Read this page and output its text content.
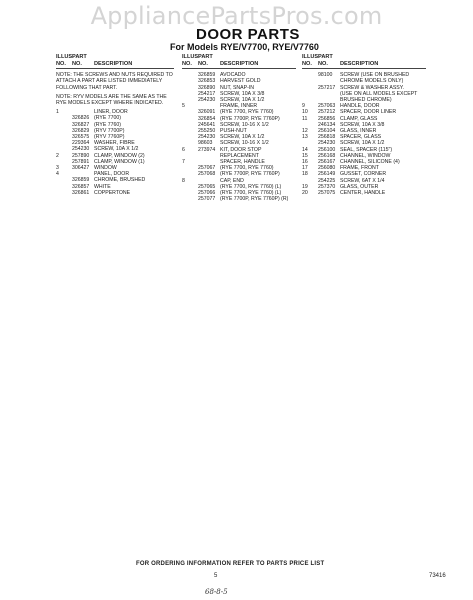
AppliancePartsPros.com
DOOR PARTS
For Models RYE/V7700, RYE/V7760
ILLUS.
PART
NO.	NO.	DESCRIPTION
NOTE: THE SCREWS AND NUTS REQUIRED TO ATTACH A PART ARE LISTED IMMEDIATELY FOLLOWING THAT PART.
NOTE: RYV MODELS ARE THE SAME AS THE RYE MODELS EXCEPT WHERE INDICATED.
1	LINER, DOOR
326826 (RYE 7700)
326827 (RYE 7760)
326829 (RYV 7700P)
326575 (RYV 7760P)
229364 WASHER, FIBRE
254230 SCREW, 10A X 1/2
2	257890 CLAMP, WINDOW (2)
257891 CLAMP, WINDOW (1)
3	306427 WINDOW
4	PANEL, DOOR
326859 CHROME, BRUSHED
326857 WHITE
326861 COPPERTONE
ILLUS.
PART
NO.	NO.	DESCRIPTION
326859 AVOCADO
326853 HARVEST GOLD
326890 NUT, SNAP-IN
254217 SCREW, 10A X 3/8
254230 SCREW, 10A X 1/2
5	FRAME, INNER
326091 (RYE 7700, RYE 7760)
326854 (RYE 7700P, RYE 7760P)
245641 SCREW, 10-16 X 1/2
255250 PUSH-NUT
254230 SCREW, 10A X 1/2
98603	SCREW, 10-16 X 1/2
6	273974 KIT, DOOR STOP
REPLACEMENT
7	SPACER, HANDLE
257067 (RYE 7700, RYE 7760)
257068 (RYE 7700P, RYE 7760P)
8	CAP, END
257065 (RYE 7700, RYE 7760) (L)
257066 (RYE 7700, RYE 7760) (L)
257077 (RYE 7700P, RYE 7760P) (R)
ILLUS.
PART
NO.	NO.	DESCRIPTION
98100	SCREW (USE ON BRUSHED
CHROME MODELS ONLY)
257217 SCREW & WASHER ASSY.
(USE ON ALL MODELS EXCEPT
BRUSHED CHROME)
9	257063 HANDLE, DOOR
10	257212 SPACER, DOOR LINER
11	256856 CLAMP, GLASS
246134 SCREW, 10A X 3/8
12	256104 GLASS, INNER
13	256818 SPACER, GLASS
254230 SCREW, 10A X 1/2
14	256100 SEAL, SPACER (115")
15	256168 CHANNEL, WINDOW
16	256167 CHANNEL, SILICONE (4)
17	256080 FRAME, FRONT
18	256149 GUSSET, CORNER
254225 SCREW, 6AT X 1/4
19	257370 GLASS, OUTER
20	257075 CENTER, HANDLE
FOR ORDERING INFORMATION REFER TO PARTS PRICE LIST
5	73416
68-8-5
